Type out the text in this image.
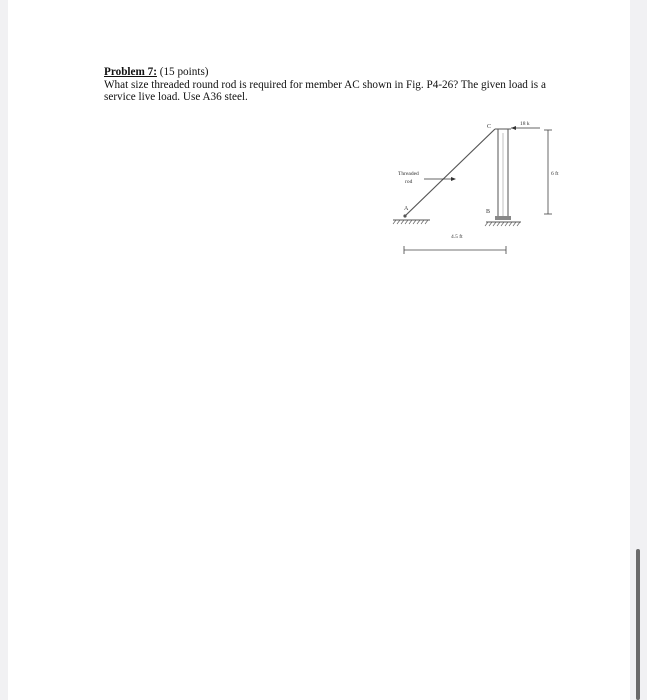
Problem 7: (15 points)

What size threaded round rod is required for member AC shown in Fig. P4-26? The given load is a service live load. Use A36 steel.

18 k
6 ft
4.5 ft
Threaded
rod
A	B
C
